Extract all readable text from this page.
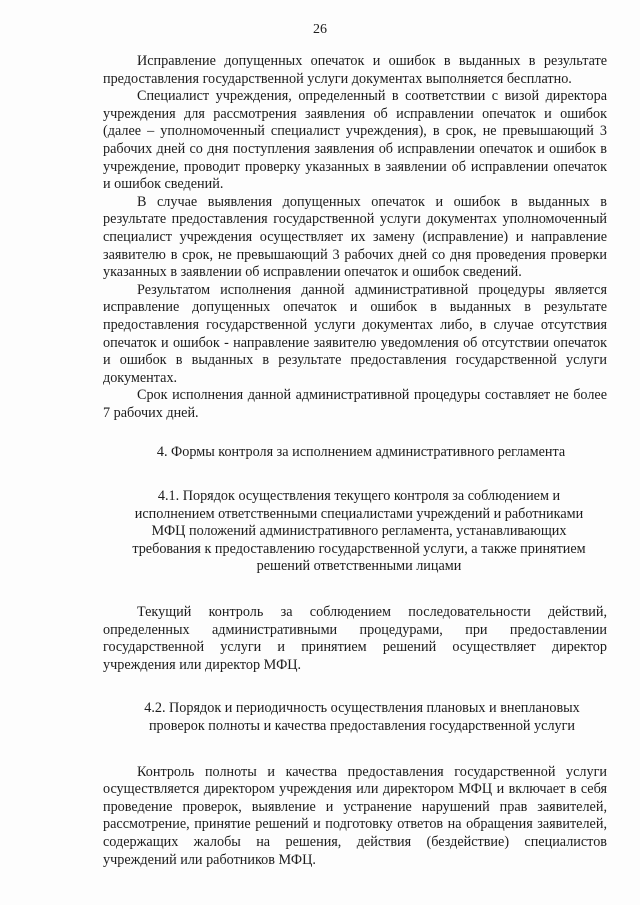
26

Исправление допущенных опечаток и ошибок в выданных в результате предоставления государственной услуги документах выполняется бесплатно.

Специалист учреждения, определенный в соответствии с визой директора учреждения для рассмотрения заявления об исправлении опечаток и ошибок (далее – уполномоченный специалист учреждения), в срок, не превышающий 3 рабочих дней со дня поступления заявления об исправлении опечаток и ошибок в учреждение, проводит проверку указанных в заявлении об исправлении опечаток и ошибок сведений.

В случае выявления допущенных опечаток и ошибок в выданных в результате предоставления государственной услуги документах уполномоченный специалист учреждения осуществляет их замену (исправление) и направление заявителю в срок, не превышающий 3 рабочих дней со дня проведения проверки указанных в заявлении об исправлении опечаток и ошибок сведений.

Результатом исполнения данной административной процедуры является исправление допущенных опечаток и ошибок в выданных в результате предоставления государственной услуги документах либо, в случае отсутствия опечаток и ошибок - направление заявителю уведомления об отсутствии опечаток и ошибок в выданных в результате предоставления государственной услуги документах.

Срок исполнения данной административной процедуры составляет не более 7 рабочих дней.

4. Формы контроля за исполнением административного регламента
4.1. Порядок осуществления текущего контроля за соблюдением и исполнением ответственными специалистами учреждений и работниками МФЦ положений административного регламента, устанавливающих требования к предоставлению государственной услуги, а также принятием решений ответственными лицами

Текущий контроль за соблюдением последовательности действий, определенных административными процедурами, при предоставлении государственной услуги и принятием решений осуществляет директор учреждения или директор МФЦ.

4.2. Порядок и периодичность осуществления плановых и внеплановых проверок полноты и качества предоставления государственной услуги

Контроль полноты и качества предоставления государственной услуги осуществляется директором учреждения или директором МФЦ и включает в себя проведение проверок, выявление и устранение нарушений прав заявителей, рассмотрение, принятие решений и подготовку ответов на обращения заявителей, содержащих жалобы на решения, действия (бездействие) специалистов учреждений или работников МФЦ.
